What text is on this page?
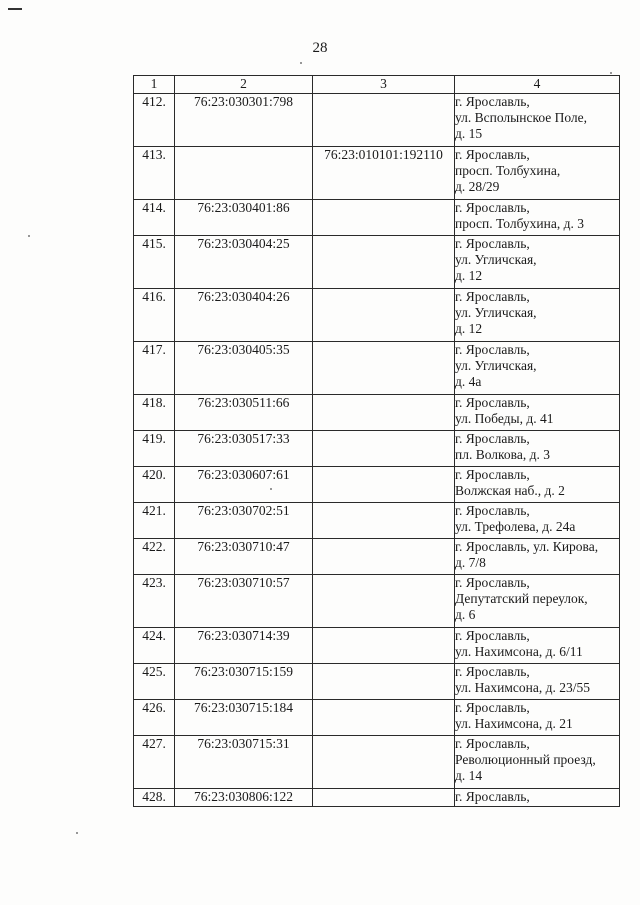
28
1	2	3	4
412.	76:23:030301:798		г. Ярославль,
ул. Всполынское Поле,
д. 15

413.		76:23:010101:192110	г. Ярославль,
просп. Толбухина,
д. 28/29

414.	76:23:030401:86		г. Ярославль,
просп. Толбухина, д. 3

415.	76:23:030404:25		г. Ярославль,
ул. Угличская,
д. 12

416.	76:23:030404:26		г. Ярославль,
ул. Угличская,
д. 12

417.	76:23:030405:35		г. Ярославль,
ул. Угличская,
д. 4а

418.	76:23:030511:66		г. Ярославль,
ул. Победы, д. 41

419.	76:23:030517:33		г. Ярославль,
пл. Волкова, д. 3

420.	76:23:030607:61		г. Ярославль,
Волжская наб., д. 2

421.	76:23:030702:51		г. Ярославль,
ул. Трефолева, д. 24а

422.	76:23:030710:47		г. Ярославль, ул. Кирова,
д. 7/8

423.	76:23:030710:57		г. Ярославль,
Депутатский переулок,
д. 6

424.	76:23:030714:39		г. Ярославль,
ул. Нахимсона, д. 6/11

425.	76:23:030715:159		г. Ярославль,
ул. Нахимсона, д. 23/55

426.	76:23:030715:184		г. Ярославль,
ул. Нахимсона, д. 21

427.	76:23:030715:31		г. Ярославль,
Революционный проезд,
д. 14

428.	76:23:030806:122		г. Ярославль,
